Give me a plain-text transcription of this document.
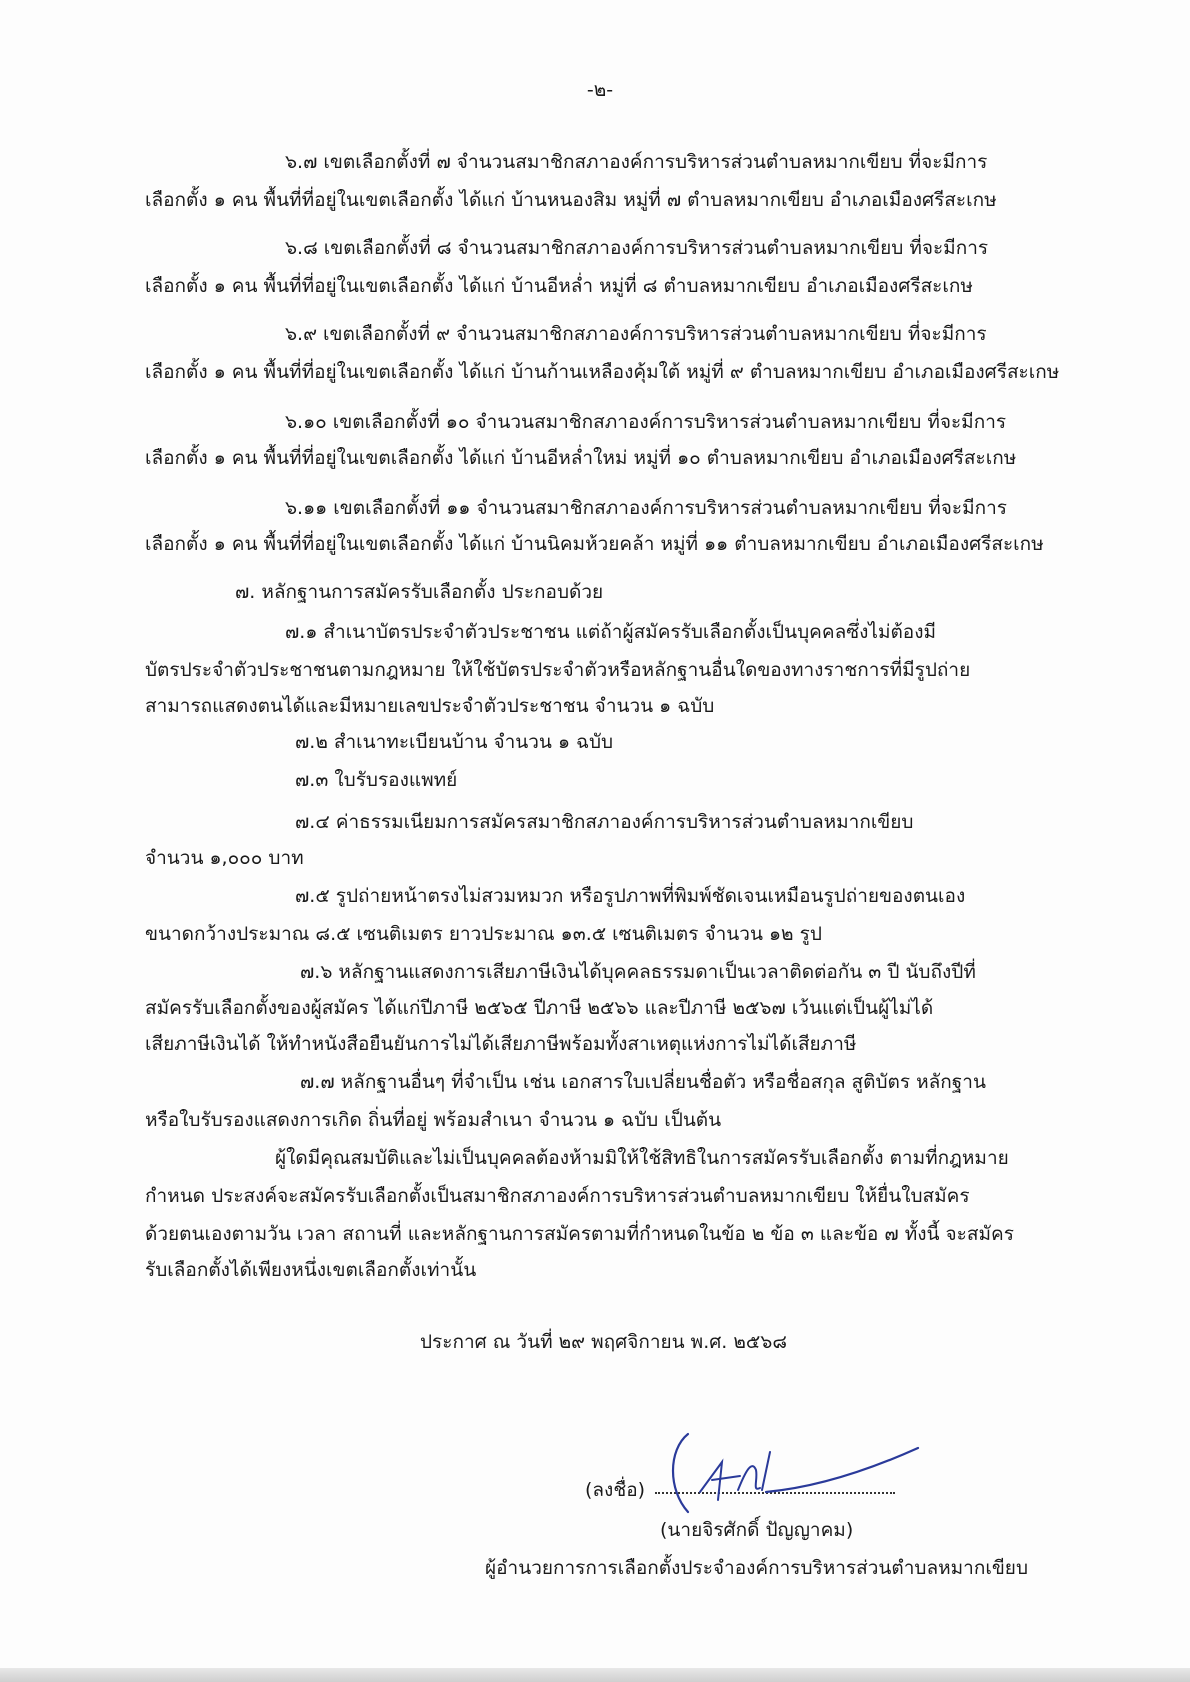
-๒-
๖.๗ เขตเลือกตั้งที่ ๗ จำนวนสมาชิกสภาองค์การบริหารส่วนตำบลหมากเขียบ ที่จะมีการ
เลือกตั้ง ๑ คน พื้นที่ที่อยู่ในเขตเลือกตั้ง ได้แก่ บ้านหนองสิม หมู่ที่ ๗ ตำบลหมากเขียบ อำเภอเมืองศรีสะเกษ
๖.๘ เขตเลือกตั้งที่ ๘ จำนวนสมาชิกสภาองค์การบริหารส่วนตำบลหมากเขียบ ที่จะมีการ
เลือกตั้ง ๑ คน พื้นที่ที่อยู่ในเขตเลือกตั้ง ได้แก่ บ้านอีหล่ำ หมู่ที่ ๘ ตำบลหมากเขียบ อำเภอเมืองศรีสะเกษ
๖.๙ เขตเลือกตั้งที่ ๙ จำนวนสมาชิกสภาองค์การบริหารส่วนตำบลหมากเขียบ ที่จะมีการ
เลือกตั้ง ๑ คน พื้นที่ที่อยู่ในเขตเลือกตั้ง ได้แก่ บ้านก้านเหลืองคุ้มใต้ หมู่ที่ ๙ ตำบลหมากเขียบ อำเภอเมืองศรีสะเกษ
๖.๑๐ เขตเลือกตั้งที่ ๑๐ จำนวนสมาชิกสภาองค์การบริหารส่วนตำบลหมากเขียบ ที่จะมีการ
เลือกตั้ง ๑ คน พื้นที่ที่อยู่ในเขตเลือกตั้ง ได้แก่ บ้านอีหล่ำใหม่ หมู่ที่ ๑๐ ตำบลหมากเขียบ อำเภอเมืองศรีสะเกษ
๖.๑๑ เขตเลือกตั้งที่ ๑๑ จำนวนสมาชิกสภาองค์การบริหารส่วนตำบลหมากเขียบ ที่จะมีการ
เลือกตั้ง ๑ คน พื้นที่ที่อยู่ในเขตเลือกตั้ง ได้แก่ บ้านนิคมห้วยคล้า หมู่ที่ ๑๑ ตำบลหมากเขียบ อำเภอเมืองศรีสะเกษ
๗. หลักฐานการสมัครรับเลือกตั้ง ประกอบด้วย
๗.๑ สำเนาบัตรประจำตัวประชาชน แต่ถ้าผู้สมัครรับเลือกตั้งเป็นบุคคลซึ่งไม่ต้องมี
บัตรประจำตัวประชาชนตามกฎหมาย ให้ใช้บัตรประจำตัวหรือหลักฐานอื่นใดของทางราชการที่มีรูปถ่าย
สามารถแสดงตนได้และมีหมายเลขประจำตัวประชาชน จำนวน ๑ ฉบับ
๗.๒ สำเนาทะเบียนบ้าน จำนวน ๑ ฉบับ
๗.๓ ใบรับรองแพทย์
๗.๔ ค่าธรรมเนียมการสมัครสมาชิกสภาองค์การบริหารส่วนตำบลหมากเขียบ
จำนวน ๑,๐๐๐ บาท
๗.๕ รูปถ่ายหน้าตรงไม่สวมหมวก หรือรูปภาพที่พิมพ์ชัดเจนเหมือนรูปถ่ายของตนเอง
ขนาดกว้างประมาณ ๘.๕ เซนติเมตร ยาวประมาณ ๑๓.๕ เซนติเมตร จำนวน ๑๒ รูป
๗.๖ หลักฐานแสดงการเสียภาษีเงินได้บุคคลธรรมดาเป็นเวลาติดต่อกัน ๓ ปี นับถึงปีที่
สมัครรับเลือกตั้งของผู้สมัคร ได้แก่ปีภาษี ๒๕๖๕ ปีภาษี ๒๕๖๖ และปีภาษี ๒๕๖๗ เว้นแต่เป็นผู้ไม่ได้
เสียภาษีเงินได้ ให้ทำหนังสือยืนยันการไม่ได้เสียภาษีพร้อมทั้งสาเหตุแห่งการไม่ได้เสียภาษี
๗.๗ หลักฐานอื่นๆ ที่จำเป็น เช่น เอกสารใบเปลี่ยนชื่อตัว หรือชื่อสกุล สูติบัตร หลักฐาน
หรือใบรับรองแสดงการเกิด ถิ่นที่อยู่ พร้อมสำเนา จำนวน ๑ ฉบับ เป็นต้น
ผู้ใดมีคุณสมบัติและไม่เป็นบุคคลต้องห้ามมิให้ใช้สิทธิในการสมัครรับเลือกตั้ง ตามที่กฎหมาย
กำหนด ประสงค์จะสมัครรับเลือกตั้งเป็นสมาชิกสภาองค์การบริหารส่วนตำบลหมากเขียบ ให้ยื่นใบสมัคร
ด้วยตนเองตามวัน เวลา สถานที่ และหลักฐานการสมัครตามที่กำหนดในข้อ ๒ ข้อ ๓ และข้อ ๗ ทั้งนี้ จะสมัคร
รับเลือกตั้งได้เพียงหนึ่งเขตเลือกตั้งเท่านั้น
ประกาศ ณ วันที่ ๒๙ พฤศจิกายน พ.ศ. ๒๕๖๘
(ลงชื่อ)
(นายจิรศักดิ์ ปัญญาคม)
ผู้อำนวยการการเลือกตั้งประจำองค์การบริหารส่วนตำบลหมากเขียบ
